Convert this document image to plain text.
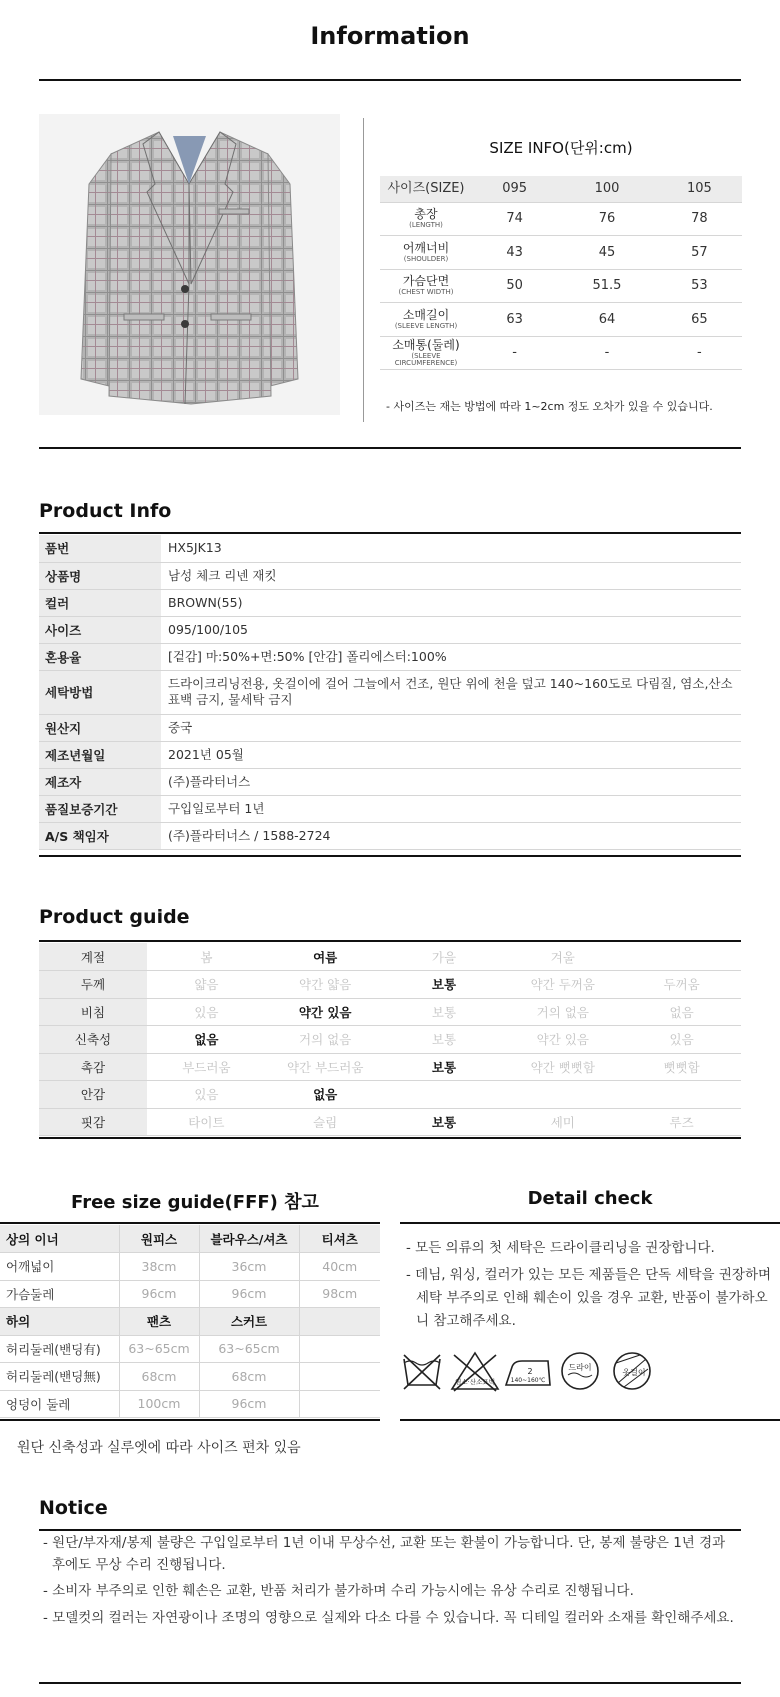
Information
SIZE INFO(단위:cm)
사이즈(SIZE)	095	100	105

총장
(LENGTH)	74	76	78

어깨너비
(SHOULDER)	43	45	57

가슴단면
(CHEST WIDTH)	50	51.5	53

소매길이
(SLEEVE LENGTH)	63	64	65

소매통(둘레)
(SLEEVE CIRCUMFERENCE)	-	-	-
- 사이즈는 재는 방법에 따라 1~2cm 정도 오차가 있을 수 있습니다.
Product Info
품번	HX5JK13
상품명	남성 체크 리넨 재킷
컬러	BROWN(55)
사이즈	095/100/105
혼용율	[겉감] 마:50%+면:50% [안감] 폴리에스터:100%
세탁방법	드라이크리닝전용, 옷걸이에 걸어 그늘에서 건조, 원단 위에 천을 덮고 140~160도로 다림질, 염소,산소표백 금지, 물세탁 금지
원산지	중국
제조년월일	2021년 05월
제조자	(주)플라터너스
품질보증기간	구입일로부터 1년
A/S 책임자	(주)플라터너스 / 1588-2724
Product guide
계절	봄	여름	가을	겨울	
두께	얇음	약간 얇음	보통	약간 두꺼움	두꺼움
비침	있음	약간 있음	보통	거의 없음	없음
신축성	없음	거의 없음	보통	약간 있음	있음
촉감	부드러움	약간 부드러움	보통	약간 뻣뻣함	뻣뻣함
안감	있음	없음			
핏감	타이트	슬림	보통	세미	루즈
Free size guide(FFF) 참고
상의 이너	원피스	블라우스/셔츠	티셔츠
어깨넓이	38cm	36cm	40cm
가슴둘레	96cm	96cm	98cm
하의	팬츠	스커트	
허리둘레(밴딩有)	63~65cm	63~65cm	
허리둘레(밴딩無)	68cm	68cm	
엉덩이 둘레	100cm	96cm	
원단 신축성과 실루엣에 따라 사이즈 편차 있음
Detail check
- 모든 의류의 첫 세탁은 드라이클리닝을 권장합니다.
- 데님, 워싱, 컬러가 있는 모든 제품들은 단독 세탁을 권장하며 세탁 부주의로 인해 훼손이 있을 경우 교환, 반품이 불가하오니 참고해주세요.
염소·산소표백
2
140~160℃
드라이
옷걸이
Notice
- 원단/부자재/봉제 불량은 구입일로부터 1년 이내 무상수선, 교환 또는 환불이 가능합니다. 단, 봉제 불량은 1년 경과 후에도 무상 수리 진행됩니다.
- 소비자 부주의로 인한 훼손은 교환, 반품 처리가 불가하며 수리 가능시에는 유상 수리로 진행됩니다.
- 모델컷의 컬러는 자연광이나 조명의 영향으로 실제와 다소 다를 수 있습니다. 꼭 디테일 컬러와 소재를 확인해주세요.
